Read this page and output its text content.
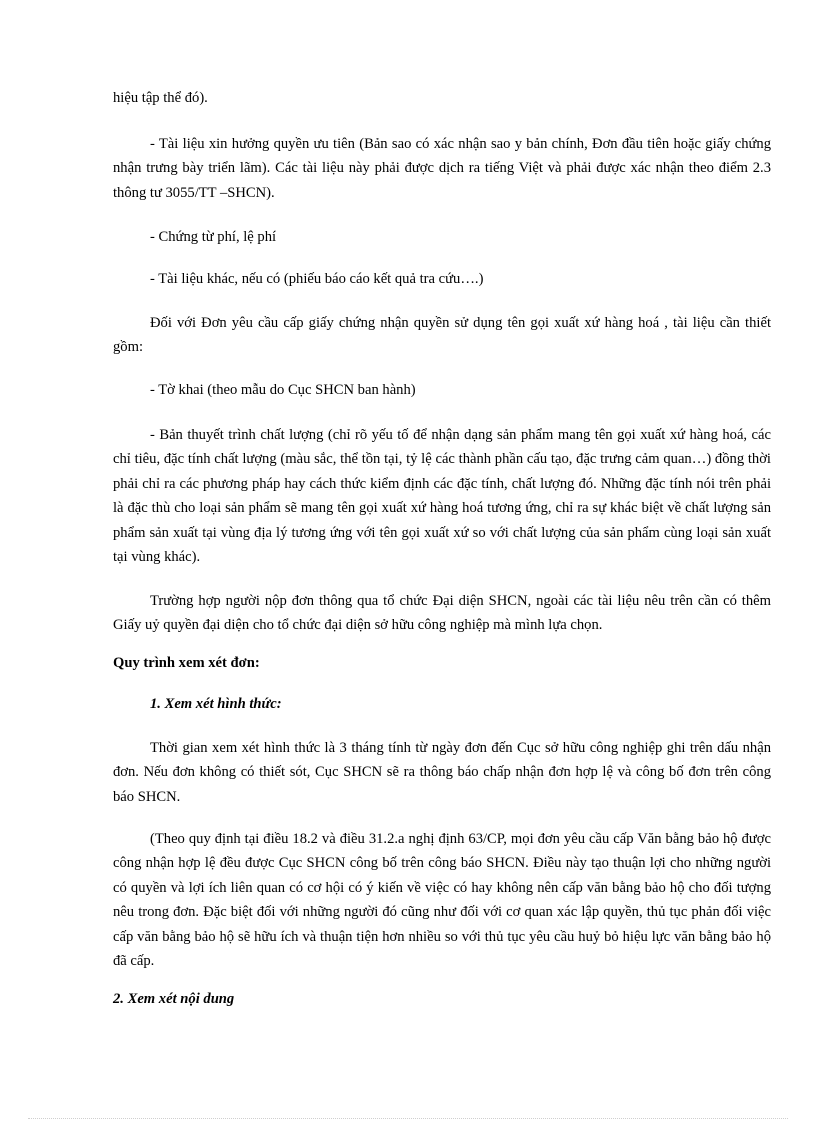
hiệu tập thể đó).

- Tài liệu xin hưởng quyền ưu tiên (Bản sao có xác nhận sao y bản chính, Đơn đầu tiên hoặc giấy chứng nhận trưng bày triển lãm). Các tài liệu này phải được dịch ra tiếng Việt và phải được xác nhận theo điểm 2.3 thông tư 3055/TT –SHCN).

- Chứng từ phí, lệ phí

- Tài liệu khác, nếu có (phiếu báo cáo kết quả tra cứu….)

Đối với Đơn yêu cầu cấp giấy chứng nhận quyền sử dụng tên gọi xuất xứ hàng hoá , tài liệu cần thiết gồm:

- Tờ khai (theo mẫu do Cục SHCN ban hành)

- Bản thuyết trình chất lượng (chỉ rõ yếu tố để nhận dạng sản phẩm mang tên gọi xuất xứ hàng hoá, các chỉ tiêu, đặc tính chất lượng (màu sắc, thể tồn tại, tỷ lệ các thành phần cấu tạo, đặc trưng cảm quan…) đồng thời phải chỉ ra các phương pháp hay cách thức kiểm định các đặc tính, chất lượng đó. Những đặc tính nói trên phải là đặc thù cho loại sản phẩm sẽ mang tên gọi xuất xứ hàng hoá tương ứng, chỉ ra sự khác biệt về chất lượng sản phẩm sản xuất tại vùng địa lý tương ứng với tên gọi xuất xứ so với chất lượng của sản phẩm cùng loại sản xuất tại vùng khác).

Trường hợp người nộp đơn thông qua tổ chức Đại diện SHCN, ngoài các tài liệu nêu trên cần có thêm Giấy uỷ quyền đại diện cho tổ chức đại diện sở hữu công nghiệp mà mình lựa chọn.

Quy trình xem xét đơn:

1. Xem xét hình thức:

Thời gian xem xét hình thức là 3 tháng tính từ ngày đơn đến Cục sở hữu công nghiệp ghi trên dấu nhận đơn. Nếu đơn không có thiết sót, Cục SHCN sẽ ra thông báo chấp nhận đơn hợp lệ và công bố đơn trên công báo SHCN.

(Theo quy định tại điều 18.2 và điều 31.2.a nghị định 63/CP, mọi đơn yêu cầu cấp Văn bằng bảo hộ được công nhận hợp lệ đều được Cục SHCN công bố trên công báo SHCN. Điều này tạo thuận lợi cho những người có quyền và lợi ích liên quan có cơ hội có ý kiến về việc có hay không nên cấp văn bằng bảo hộ cho đối tượng nêu trong đơn. Đặc biệt đối với những người đó cũng như đối với cơ quan xác lập quyền, thủ tục phản đối việc cấp văn bằng bảo hộ sẽ hữu ích và thuận tiện hơn nhiều so với thủ tục yêu cầu huỷ bỏ hiệu lực văn bằng bảo hộ đã cấp.

2. Xem xét nội dung
